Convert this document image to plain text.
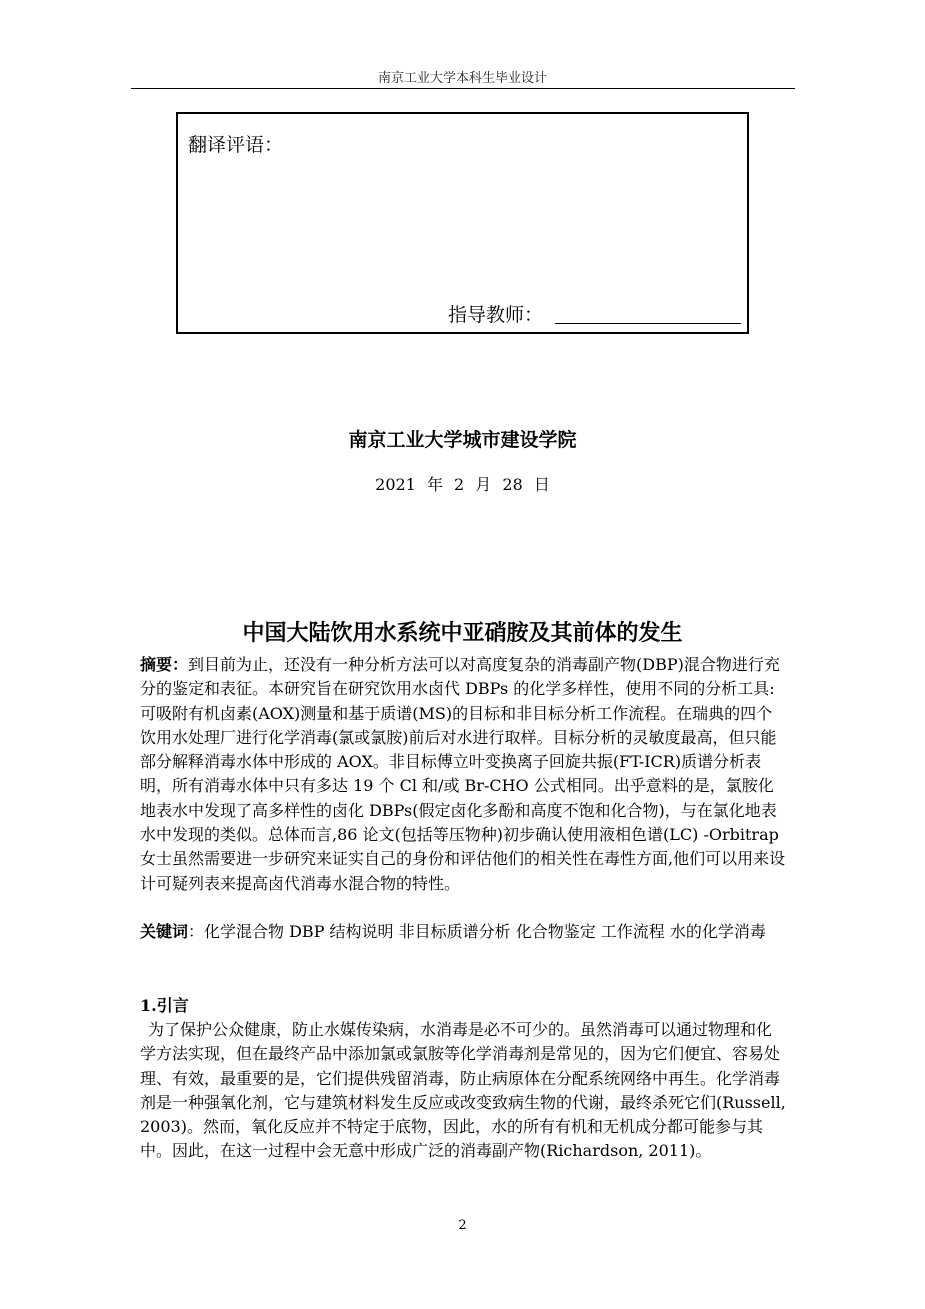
南京工业大学本科生毕业设计
翻译评语：
指导教师：
南京工业大学城市建设学院
2021 年 2 月 28 日
中国大陆饮用水系统中亚硝胺及其前体的发生
摘要：到目前为止，还没有一种分析方法可以对高度复杂的消毒副产物(DBP)混合物进行充分的鉴定和表征。本研究旨在研究饮用水卤代 DBPs 的化学多样性，使用不同的分析工具:可吸附有机卤素(AOX)测量和基于质谱(MS)的目标和非目标分析工作流程。在瑞典的四个饮用水处理厂进行化学消毒(氯或氯胺)前后对水进行取样。目标分析的灵敏度最高，但只能部分解释消毒水体中形成的 AOX。非目标傅立叶变换离子回旋共振(FT-ICR)质谱分析表明，所有消毒水体中只有多达 19 个 Cl 和/或 Br-CHO 公式相同。出乎意料的是，氯胺化地表水中发现了高多样性的卤化 DBPs(假定卤化多酚和高度不饱和化合物)，与在氯化地表水中发现的类似。总体而言,86 论文(包括等压物种)初步确认使用液相色谱(LC) -Orbitrap 女士虽然需要进一步研究来证实自己的身份和评估他们的相关性在毒性方面,他们可以用来设计可疑列表来提高卤代消毒水混合物的特性。
关键词：化学混合物 DBP 结构说明 非目标质谱分析 化合物鉴定 工作流程 水的化学消毒
1.引言
为了保护公众健康，防止水媒传染病，水消毒是必不可少的。虽然消毒可以通过物理和化学方法实现，但在最终产品中添加氯或氯胺等化学消毒剂是常见的，因为它们便宜、容易处理、有效，最重要的是，它们提供残留消毒，防止病原体在分配系统网络中再生。化学消毒剂是一种强氧化剂，它与建筑材料发生反应或改变致病生物的代谢，最终杀死它们(Russell, 2003)。然而，氧化反应并不特定于底物，因此，水的所有有机和无机成分都可能参与其中。因此，在这一过程中会无意中形成广泛的消毒副产物(Richardson, 2011)。
2
